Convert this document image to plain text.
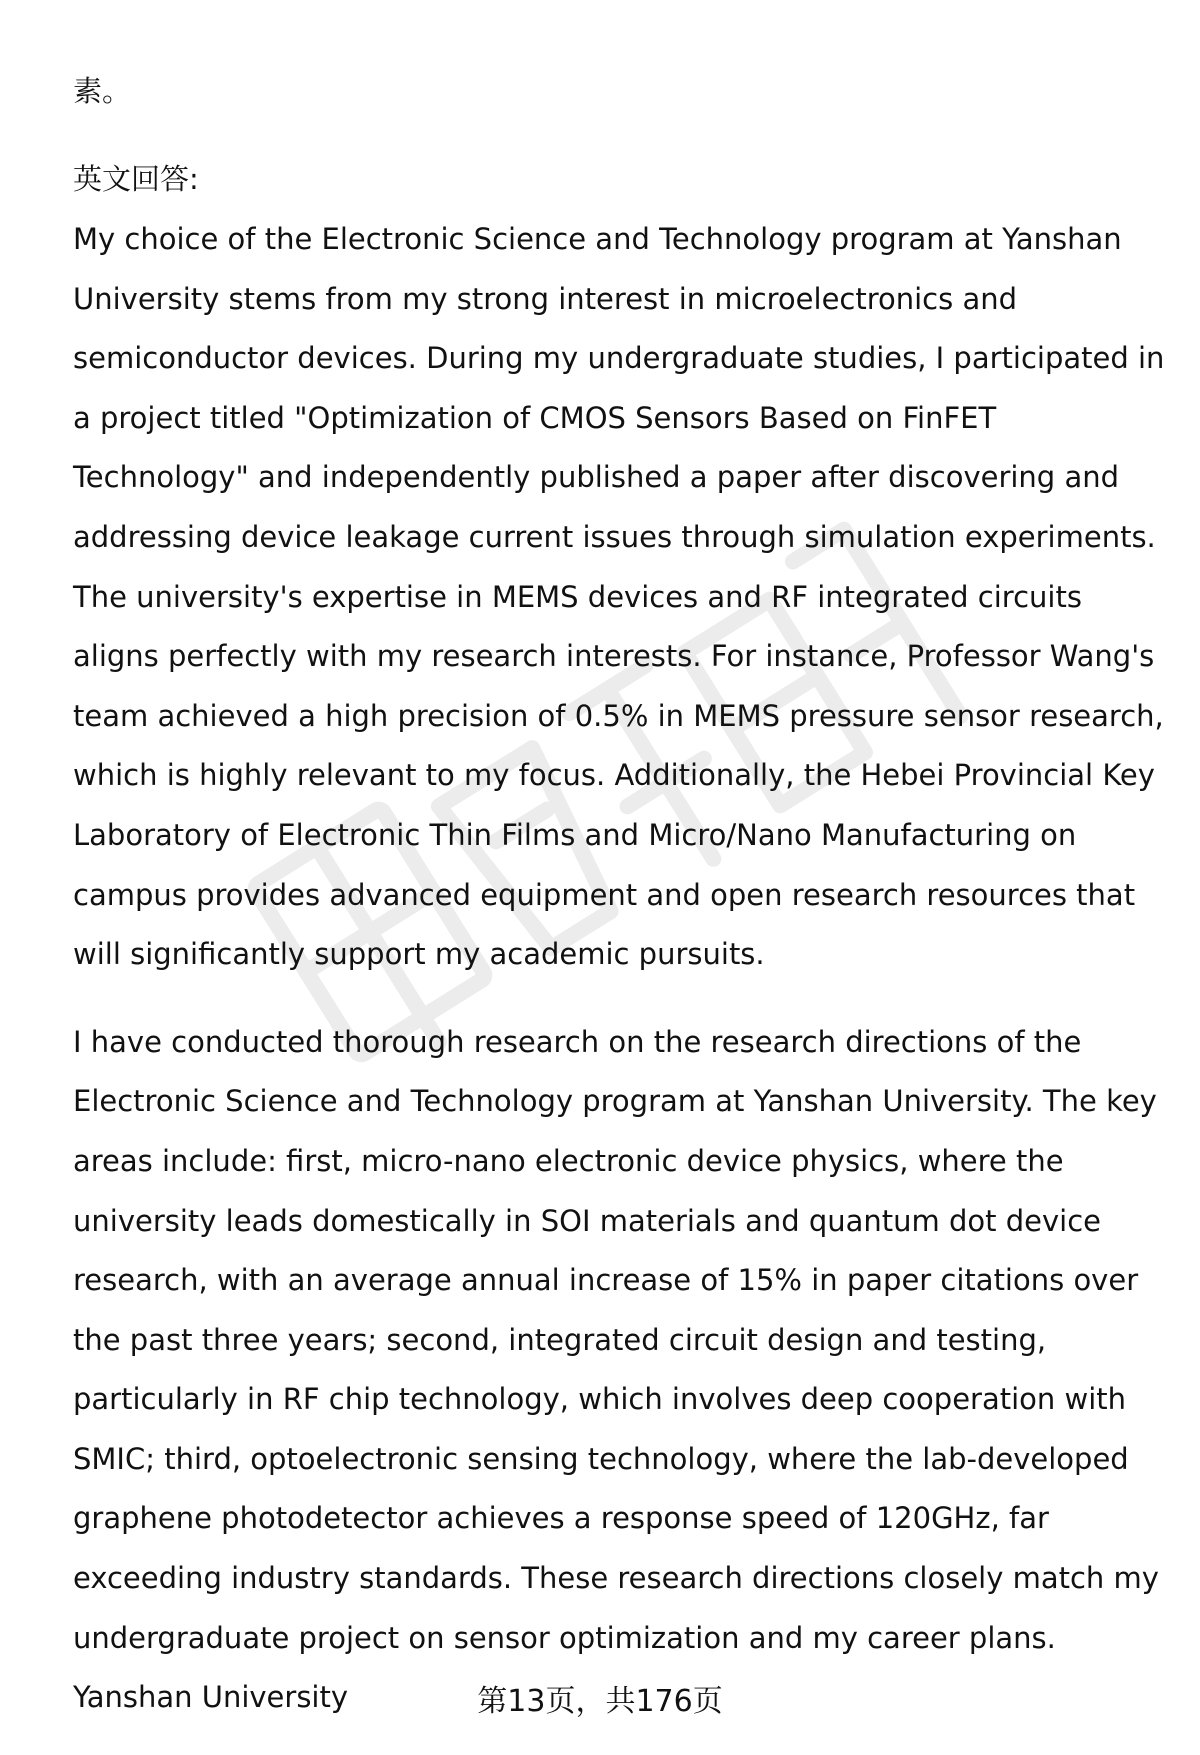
素。

英文回答:

My choice of the Electronic Science and Technology program at Yanshan University stems from my strong interest in microelectronics and semiconductor devices. During my undergraduate studies, I participated in a project titled "Optimization of CMOS Sensors Based on FinFET Technology" and independently published a paper after discovering and addressing device leakage current issues through simulation experiments. The university's expertise in MEMS devices and RF integrated circuits aligns perfectly with my research interests. For instance, Professor Wang's team achieved a high precision of 0.5% in MEMS pressure sensor research, which is highly relevant to my focus. Additionally, the Hebei Provincial Key Laboratory of Electronic Thin Films and Micro/Nano Manufacturing on campus provides advanced equipment and open research resources that will significantly support my academic pursuits.

I have conducted thorough research on the research directions of the Electronic Science and Technology program at Yanshan University. The key areas include: first, micro-nano electronic device physics, where the university leads domestically in SOI materials and quantum dot device research, with an average annual increase of 15% in paper citations over the past three years; second, integrated circuit design and testing, particularly in RF chip technology, which involves deep cooperation with SMIC; third, optoelectronic sensing technology, where the lab-developed graphene photodetector achieves a response speed of 120GHz, far exceeding industry standards. These research directions closely match my undergraduate project on sensor optimization and my career plans. Yanshan University	第13页，共176页
